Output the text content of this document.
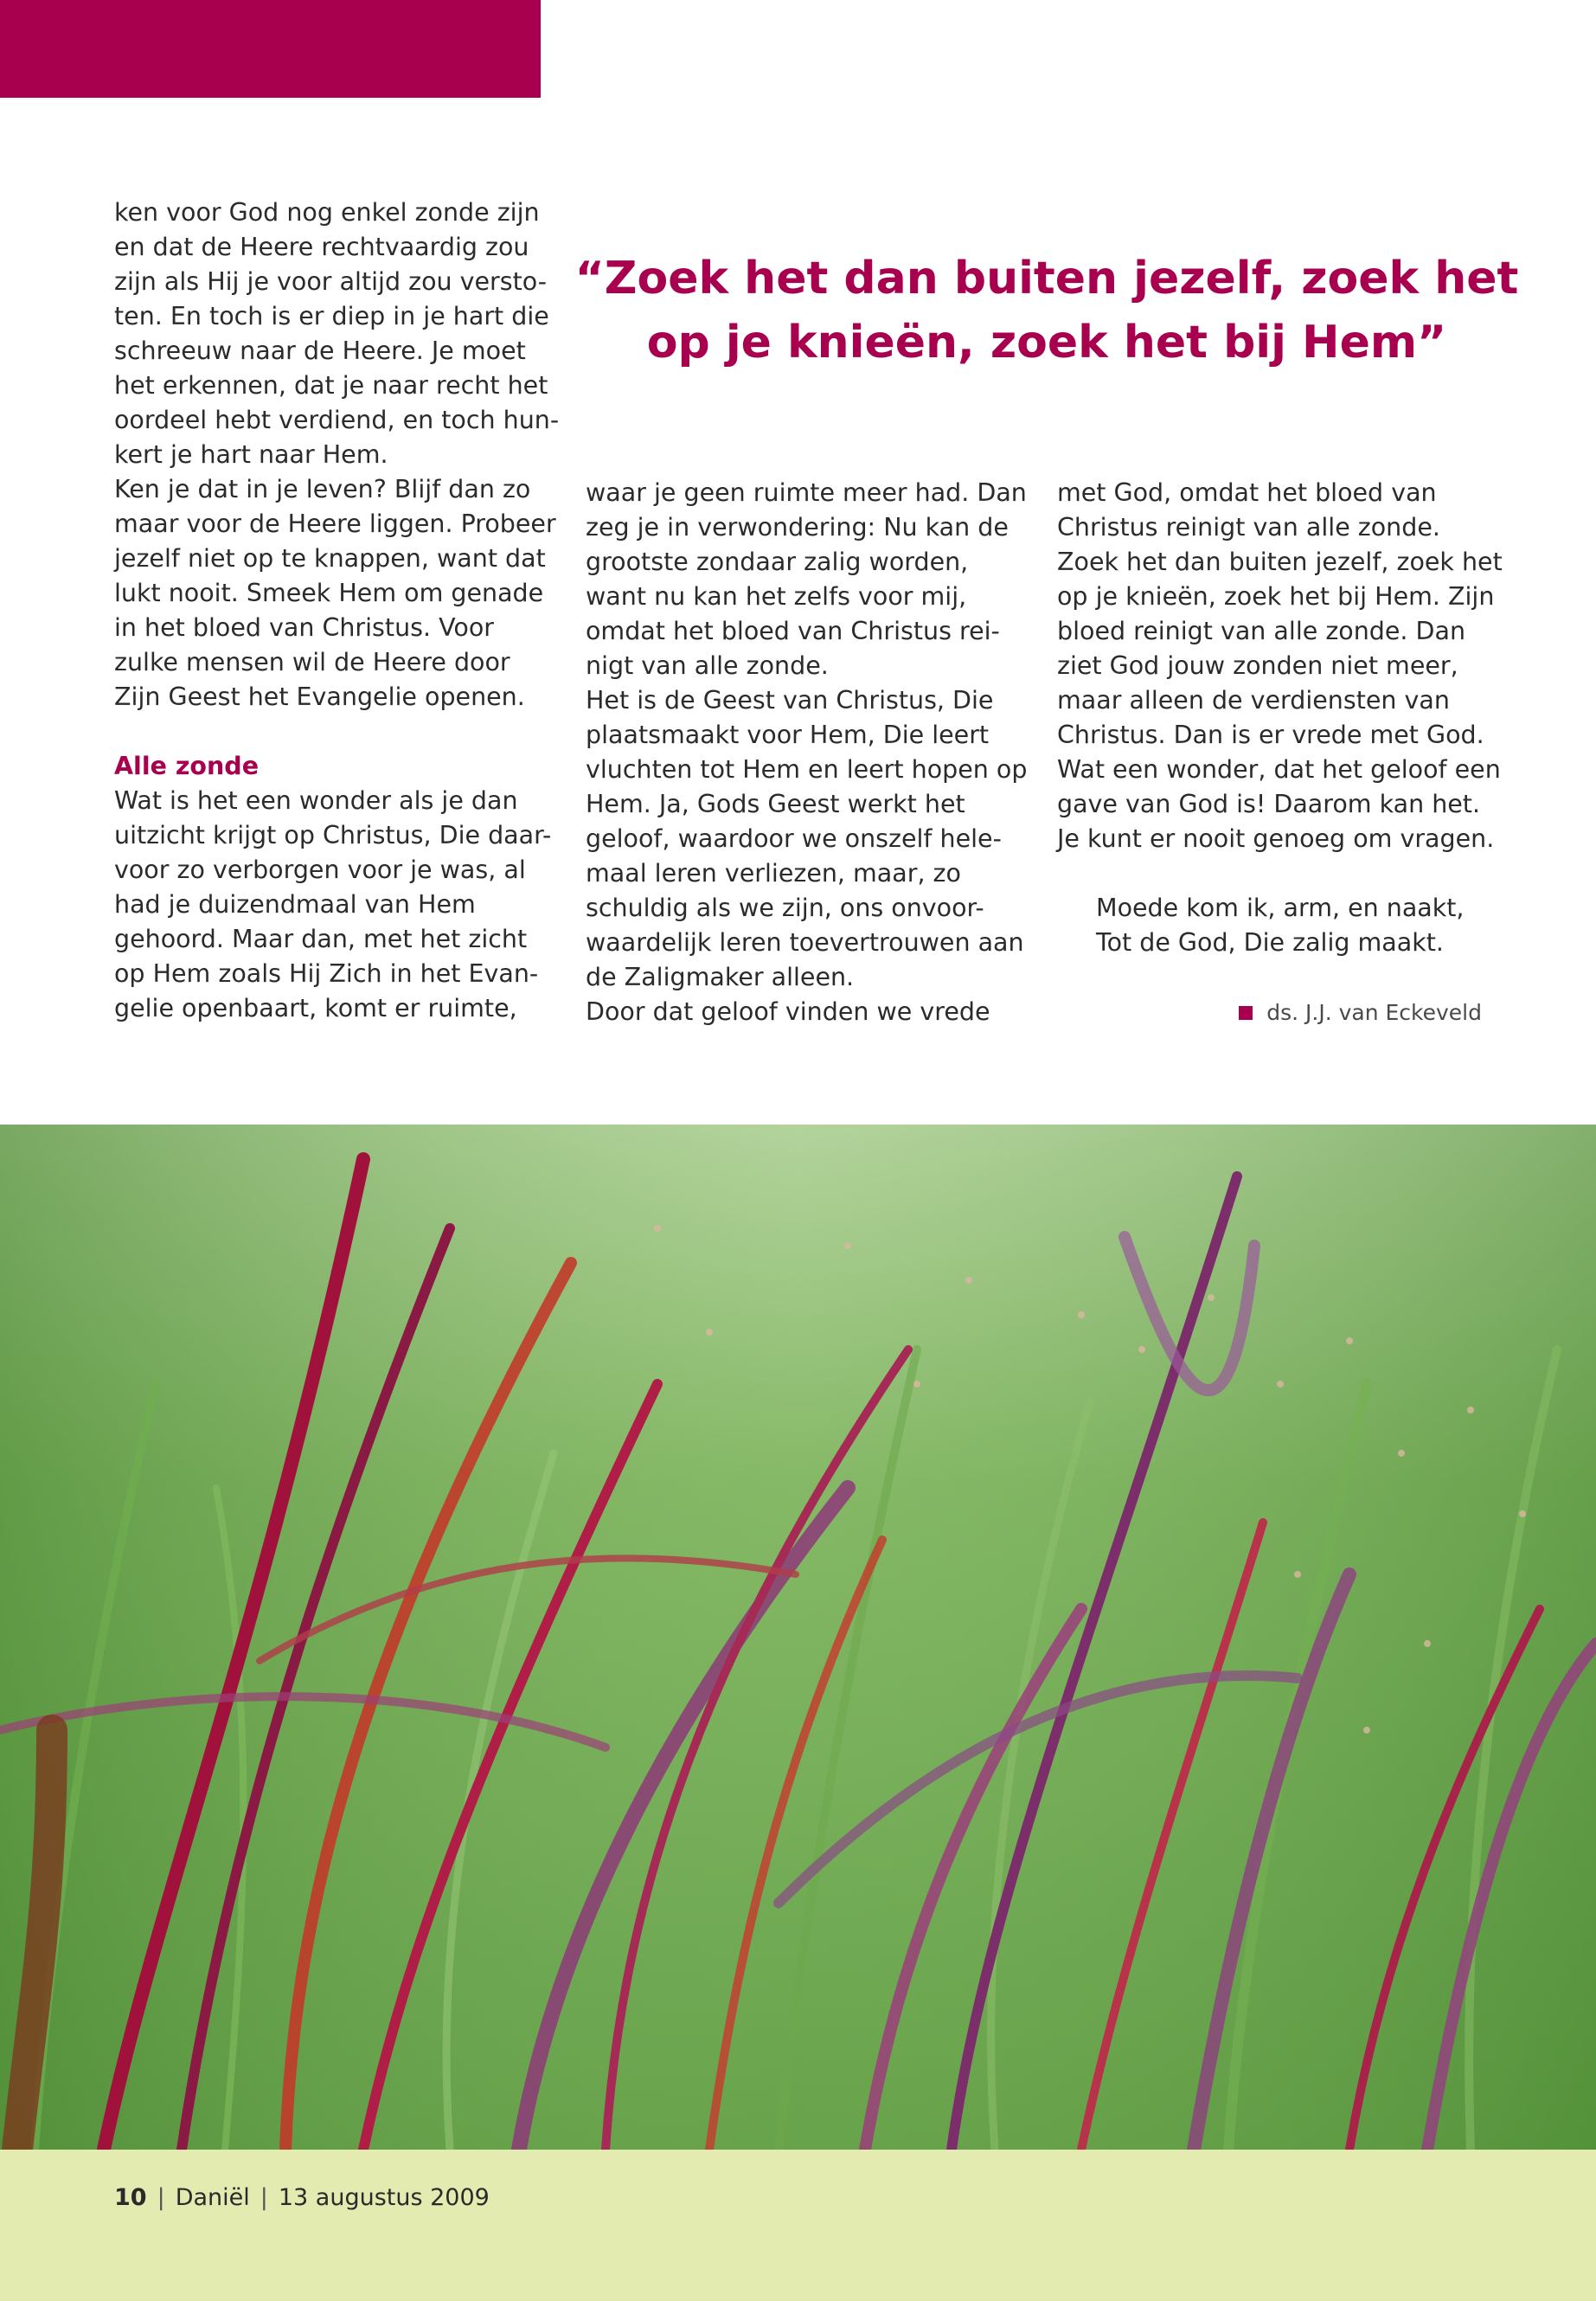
ken voor God nog enkel zonde zijn

en dat de Heere rechtvaardig zou

zijn als Hij je voor altijd zou versto-

ten. En toch is er diep in je hart die

schreeuw naar de Heere. Je moet

het erkennen, dat je naar recht het

oordeel hebt verdiend, en toch hun-

kert je hart naar Hem.

Ken je dat in je leven? Blijf dan zo

maar voor de Heere liggen. Probeer

jezelf niet op te knappen, want dat

lukt nooit. Smeek Hem om genade

in het bloed van Christus. Voor

zulke mensen wil de Heere door

Zijn Geest het Evangelie openen.

Alle zonde

Wat is het een wonder als je dan

uitzicht krijgt op Christus, Die daar-

voor zo verborgen voor je was, al

had je duizendmaal van Hem

gehoord. Maar dan, met het zicht

op Hem zoals Hij Zich in het Evan-

gelie openbaart, komt er ruimte,

“Zoek het dan buiten jezelf, zoek het
op je knieën, zoek het bij Hem”

waar je geen ruimte meer had. Dan

zeg je in verwondering: Nu kan de

grootste zondaar zalig worden,

want nu kan het zelfs voor mij,

omdat het bloed van Christus rei-

nigt van alle zonde.

Het is de Geest van Christus, Die

plaatsmaakt voor Hem, Die leert

vluchten tot Hem en leert hopen op

Hem. Ja, Gods Geest werkt het

geloof, waardoor we onszelf hele-

maal leren verliezen, maar, zo

schuldig als we zijn, ons onvoor-

waardelijk leren toevertrouwen aan

de Zaligmaker alleen.

Door dat geloof vinden we vrede

met God, omdat het bloed van

Christus reinigt van alle zonde.

Zoek het dan buiten jezelf, zoek het

op je knieën, zoek het bij Hem. Zijn

bloed reinigt van alle zonde. Dan

ziet God jouw zonden niet meer,

maar alleen de verdiensten van

Christus. Dan is er vrede met God.

Wat een wonder, dat het geloof een

gave van God is! Daarom kan het.

Je kunt er nooit genoeg om vragen.

Moede kom ik, arm, en naakt,

Tot de God, Die zalig maakt.

ds. J.J. van Eckeveld
10 | Daniël | 13 augustus 2009
